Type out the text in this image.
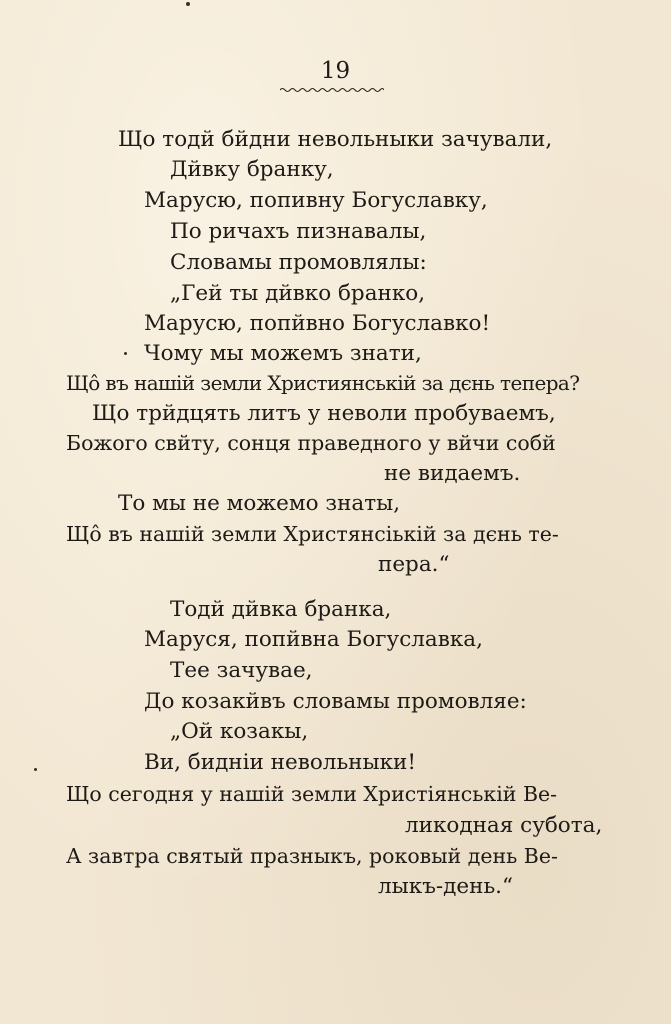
19
Що тодй бйдни невольныки зачували,
Дйвку бранку,
Марусю, попивну Богуславку,
По ричахъ пизнавалы,
Словамы промовлялы:
„Гей ты дйвко бранко,
Марусю, попйвно Богуславко!
Чому мы можемъ знати,
Щô въ нашій земли Християнській за дєнь тепера?
Що трйдцять литъ у неволи пробуваемъ,
Божого свйту, сонця праведного у вйчи собй
не видаемъ.
То мы не можемо знаты,
Щô въ нашій земли Христянсіькій за дєнь те-
пера.“
Тодй дйвка бранка,
Маруся, попйвна Богуславка,
Тее зачувае,
До козакйвъ словамы промовляе:
„Ой козакы,
Ви, бидніи невольныки!
Що сегодня у нашій земли Христіянській Ве-
ликодная субота,
А завтра святый празныкъ, роковый день Ве-
лыкъ-день.“
